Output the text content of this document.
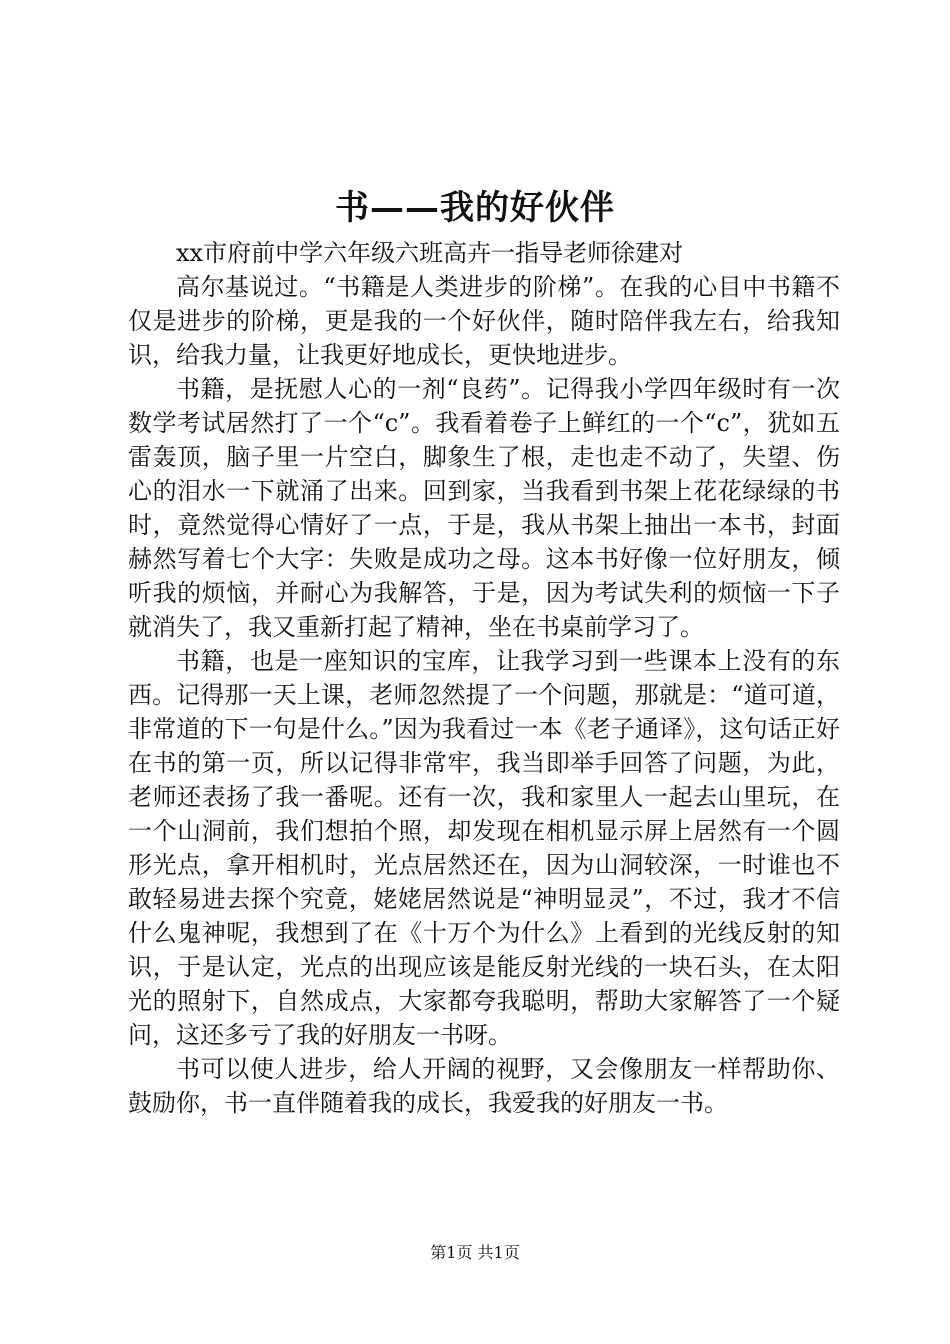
书——我的好伙伴

xx市府前中学六年级六班高卉一指导老师徐建对

高尔基说过。“书籍是人类进步的阶梯”。在我的心目中书籍不仅是进步的阶梯，更是我的一个好伙伴，随时陪伴我左右，给我知识，给我力量，让我更好地成长，更快地进步。

书籍，是抚慰人心的一剂“良药”。记得我小学四年级时有一次数学考试居然打了一个“c”。我看着卷子上鲜红的一个“c”，犹如五雷轰顶，脑子里一片空白，脚象生了根，走也走不动了，失望、伤心的泪水一下就涌了出来。回到家，当我看到书架上花花绿绿的书时，竟然觉得心情好了一点，于是，我从书架上抽出一本书，封面赫然写着七个大字：失败是成功之母。这本书好像一位好朋友，倾听我的烦恼，并耐心为我解答，于是，因为考试失利的烦恼一下子就消失了，我又重新打起了精神，坐在书桌前学习了。

书籍，也是一座知识的宝库，让我学习到一些课本上没有的东西。记得那一天上课，老师忽然提了一个问题，那就是：“道可道，非常道的下一句是什么。”因为我看过一本《老子通译》，这句话正好在书的第一页，所以记得非常牢，我当即举手回答了问题，为此，老师还表扬了我一番呢。还有一次，我和家里人一起去山里玩，在一个山洞前，我们想拍个照，却发现在相机显示屏上居然有一个圆形光点，拿开相机时，光点居然还在，因为山洞较深，一时谁也不敢轻易进去探个究竟，姥姥居然说是“神明显灵”，不过，我才不信什么鬼神呢，我想到了在《十万个为什么》上看到的光线反射的知识，于是认定，光点的出现应该是能反射光线的一块石头，在太阳光的照射下，自然成点，大家都夸我聪明，帮助大家解答了一个疑问，这还多亏了我的好朋友一书呀。

书可以使人进步，给人开阔的视野，又会像朋友一样帮助你、鼓励你，书一直伴随着我的成长，我爱我的好朋友一书。

第1页 共1页
